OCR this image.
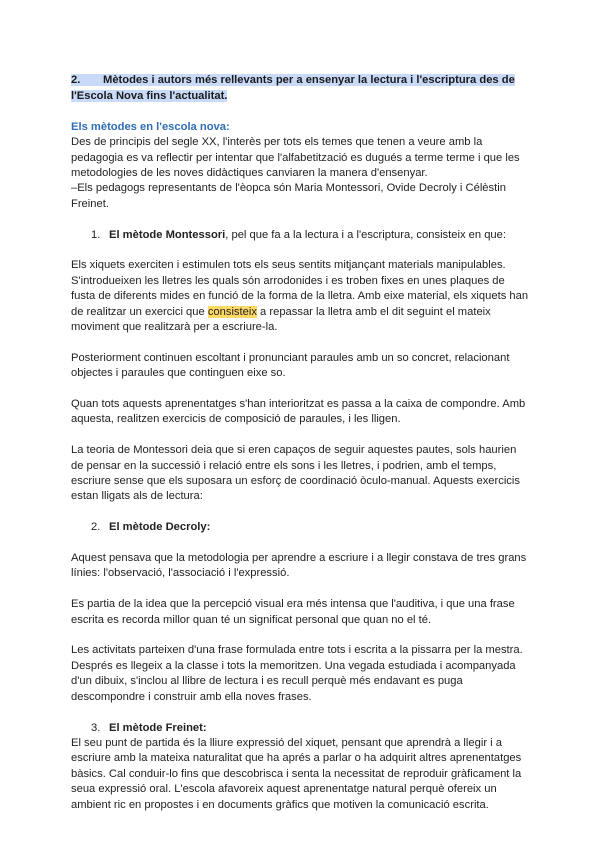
2. Mètodes i autors més rellevants per a ensenyar la lectura i l'escriptura des de l'Escola Nova fins l'actualitat.

Els mètodes en l'escola nova:

Des de principis del segle XX, l'interès per tots els temes que tenen a veure amb la pedagogia es va reflectir per intentar que l'alfabetització es dugués a terme terme i que les metodologies de les noves didàctiques canviaren la manera d'ensenyar.

–Els pedagogs representants de l'èopca són Maria Montessori, Ovide Decroly i Célèstin Freinet.

1. El mètode Montessori, pel que fa a la lectura i a l'escriptura, consisteix en que:

Els xiquets exerciten i estimulen tots els seus sentits mitjançant materials manipulables. S'introdueixen les lletres les quals són arrodonides i es troben fixes en unes plaques de fusta de diferents mides en funció de la forma de la lletra. Amb eixe material, els xiquets han de realitzar un exercici que consisteix a repassar la lletra amb el dit seguint el mateix moviment que realitzarà per a escriure-la.

Posteriorment continuen escoltant i pronunciant paraules amb un so concret, relacionant objectes i paraules que continguen eixe so.

Quan tots aquests aprenentatges s'han interioritzat es passa a la caixa de compondre. Amb aquesta, realitzen exercicis de composició de paraules, i les lligen.

La teoria de Montessori deia que si eren capaços de seguir aquestes pautes, sols haurien de pensar en la successió i relació entre els sons i les lletres, i podrien, amb el temps, escriure sense que els suposara un esforç de coordinació òculo-manual. Aquests exercicis estan lligats als de lectura:

2. El mètode Decroly:

Aquest pensava que la metodologia per aprendre a escriure i a llegir constava de tres grans línies: l'observació, l'associació i l'expressió.

Es partia de la idea que la percepció visual era més intensa que l'auditiva, i que una frase escrita es recorda millor quan té un significat personal que quan no el té.

Les activitats parteixen d'una frase formulada entre tots i escrita a la pissarra per la mestra. Després es llegeix a la classe i tots la memoritzen. Una vegada estudiada i acompanyada d'un dibuix, s'inclou al llibre de lectura i es recull perquè més endavant es puga descompondre i construir amb ella noves frases.

3. El mètode Freinet:

El seu punt de partida és la lliure expressió del xiquet, pensant que aprendrà a llegir i a escriure amb la mateixa naturalitat que ha aprés a parlar o ha adquirit altres aprenentatges bàsics. Cal conduir-lo fins que descobrisca i senta la necessitat de reproduir gràficament la seua expressió oral. L'escola afavoreix aquest aprenentatge natural perquè ofereix un ambient ric en propostes i en documents gràfics que motiven la comunicació escrita.
